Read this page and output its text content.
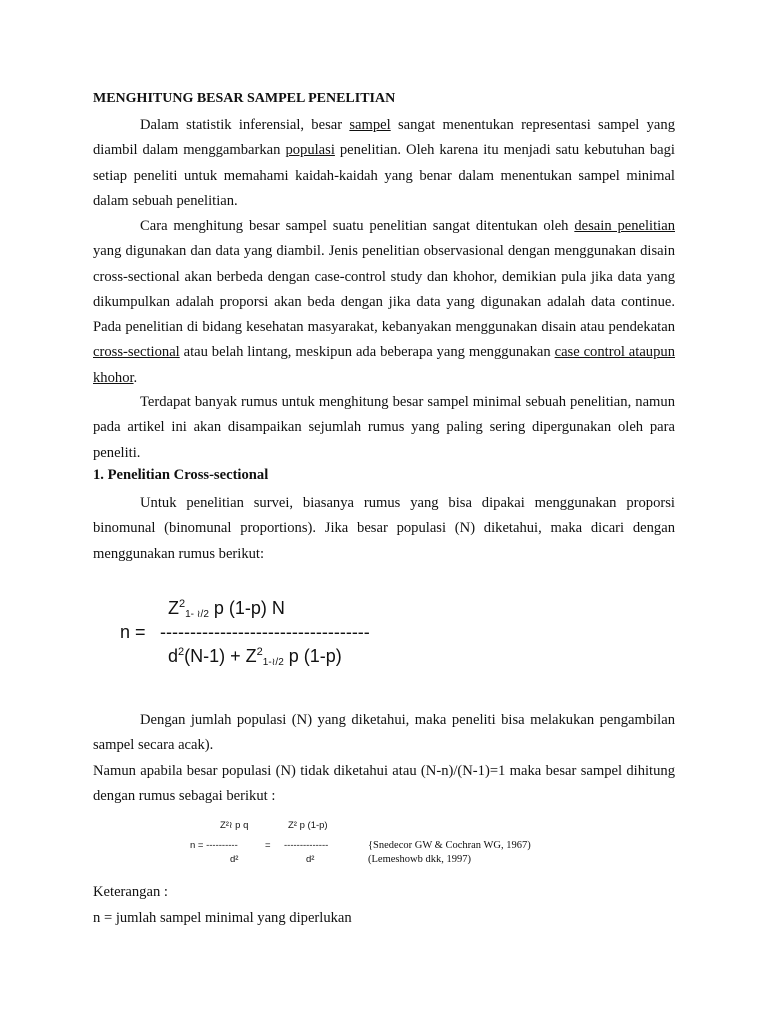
MENGHITUNG BESAR SAMPEL PENELITIAN

Dalam statistik inferensial, besar sampel sangat menentukan representasi sampel yang diambil dalam menggambarkan populasi penelitian. Oleh karena itu menjadi satu kebutuhan bagi setiap peneliti untuk memahami kaidah-kaidah yang benar dalam menentukan sampel minimal dalam sebuah penelitian.

Cara menghitung besar sampel suatu penelitian sangat ditentukan oleh desain penelitian yang digunakan dan data yang diambil. Jenis penelitian observasional dengan menggunakan disain cross-sectional akan berbeda dengan case-control study dan khohor, demikian pula jika data yang dikumpulkan adalah proporsi akan beda dengan jika data yang digunakan adalah data continue. Pada penelitian di bidang kesehatan masyarakat, kebanyakan menggunakan disain atau pendekatan cross-sectional atau belah lintang, meskipun ada beberapa yang menggunakan case control ataupun khohor.

Terdapat banyak rumus untuk menghitung besar sampel minimal sebuah penelitian, namun pada artikel ini akan disampaikan sejumlah rumus yang paling sering dipergunakan oleh para peneliti.

1. Penelitian Cross-sectional

Untuk penelitian survei, biasanya rumus yang bisa dipakai menggunakan proporsi binomunal (binomunal proportions). Jika besar populasi (N) diketahui, maka dicari dengan menggunakan rumus berikut:

n =
$Z^2_{1- ≀/2}$ p (1-p) N
-----------------------------------
$d^2(N-1) + Z^2_{1-≀/2}$ p (1-p)

Dengan jumlah populasi (N) yang diketahui, maka peneliti bisa melakukan pengambilan sampel secara acak).

Namun apabila besar populasi (N) tidak diketahui atau (N-n)/(N-1)=1 maka besar sampel dihitung dengan rumus sebagai berikut :

Z²≀ p q	Z² p (1-p)
n = ----------	= --------------
d²	d²
{Snedecor GW & Cochran WG, 1967)
(Lemeshowb dkk, 1997)
Keterangan :
n = jumlah sampel minimal yang diperlukan
